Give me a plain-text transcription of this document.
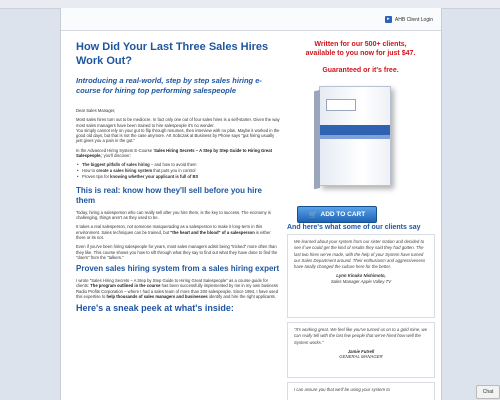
▸	AHB Client Login
How Did Your Last Three Sales Hires Work Out?

Introducing a real-world, step by step sales hiring e-course for hiring top performing salespeople

Dear Sales Manager,

Most sales hires turn out to be mediocre. In fact only one out of four sales hires is a self-starter. Given the way most sales managers have been trained to hire salespeople it's no wonder.

You simply cannot rely on your gut to flip through resumes, then interview with no plan. Maybe it worked in the good old days, but that is not the case anymore. Art Sobczak at Business by Phone says "gut hiring usually just gives you a pain in the gut."

In the Advanced Hiring System E-Course 'Sales Hiring Secrets – A Step by Step Guide to Hiring Great Salespeople,' you'll discover:

• The biggest pitfalls of sales hiring – and how to avoid them
• How to create a sales hiring system that puts you in control
• Proven tips for knowing whether your applicant is full of BS
This is real: know how they'll sell before you hire them

Today, hiring a salesperson who can really sell after you hire them, is the key to success. The economy is challenging, things aren't as they used to be.

It takes a real salesperson, not someone masquerading as a salesperson to make it long-term in this environment. Sales techniques can be trained, but "the heart and the blood" of a salesperson is either there or its not.

Even if you've been hiring salespeople for years, most sales managers admit being "tricked" more often than they like. This course shows you how to sift through what they say to find out what they have done to find the "doers" from the "talkers."

Proven sales hiring system from a sales hiring expert

I wrote "Sales Hiring Secrets – A Step by Step Guide to Hiring Great Salespeople" as a course guide for clients: The program outlined in the course has been successfully implemented by me in my own business Radio Profits Corporation – where I had a sales team of more than 200 salespeople. Since 1994, I have used this expertise to help thousands of sales managers and businesses identify and hire the right applicants.

Here's a sneak peek at what's inside:

Written for our 500+ clients,

available to you now for just $47.

Guaranteed or it's free.

🛒 ADD TO CART
And here's what some of our clients say

We learned about your system from our sister station and decided to see if we could get the kind of results they said they had gotten. The last two hires we've made, with the help of your System have turned our Sales Department around. Their enthusiasm and aggressiveness have totally changed the culture here for the better.

Lynn Kinuko Nishimoto,

Sales Manager Apple Valley TV

"It's working great. We feel like you've turned us on to a gold mine, we can really tell with the last few people that we've hired how well the System works."

Jamie Futrell

GENERAL MANAGER

I can assure you that we'll be using your system to	Chat
